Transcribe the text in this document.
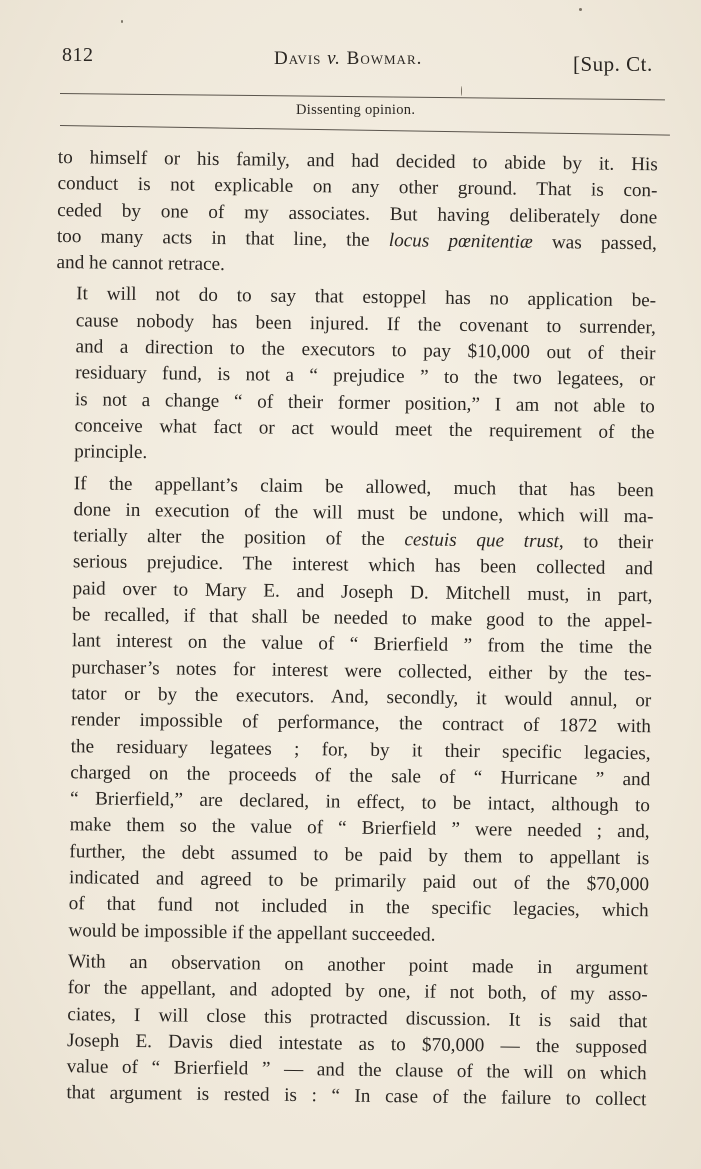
812	Davis v. Bowmar.	[Sup. Ct.
Dissenting opinion.

to himself or his family, and had decided to abide by it. His
conduct is not explicable on any other ground. That is con-
ceded by one of my associates. But having deliberately done
too many acts in that line, the locus pœnitentiæ was passed,
and he cannot retrace.

It will not do to say that estoppel has no application be-
cause nobody has been injured. If the covenant to surrender,
and a direction to the executors to pay $10,000 out of their
residuary fund, is not a “ prejudice ” to the two legatees, or
is not a change “ of their former position,” I am not able to
conceive what fact or act would meet the requirement of the
principle.

If the appellant’s claim be allowed, much that has been
done in execution of the will must be undone, which will ma-
terially alter the position of the cestuis que trust, to their
serious prejudice. The interest which has been collected and
paid over to Mary E. and Joseph D. Mitchell must, in part,
be recalled, if that shall be needed to make good to the appel-
lant interest on the value of “ Brierfield ” from the time the
purchaser’s notes for interest were collected, either by the tes-
tator or by the executors. And, secondly, it would annul, or
render impossible of performance, the contract of 1872 with
the residuary legatees ; for, by it their specific legacies,
charged on the proceeds of the sale of “ Hurricane ” and
“ Brierfield,” are declared, in effect, to be intact, although to
make them so the value of “ Brierfield ” were needed ; and,
further, the debt assumed to be paid by them to appellant is
indicated and agreed to be primarily paid out of the $70,000
of that fund not included in the specific legacies, which
would be impossible if the appellant succeeded.

With an observation on another point made in argument
for the appellant, and adopted by one, if not both, of my asso-
ciates, I will close this protracted discussion. It is said that
Joseph E. Davis died intestate as to $70,000 — the supposed
value of “ Brierfield ” — and the clause of the will on which
that argument is rested is : “ In case of the failure to collect
